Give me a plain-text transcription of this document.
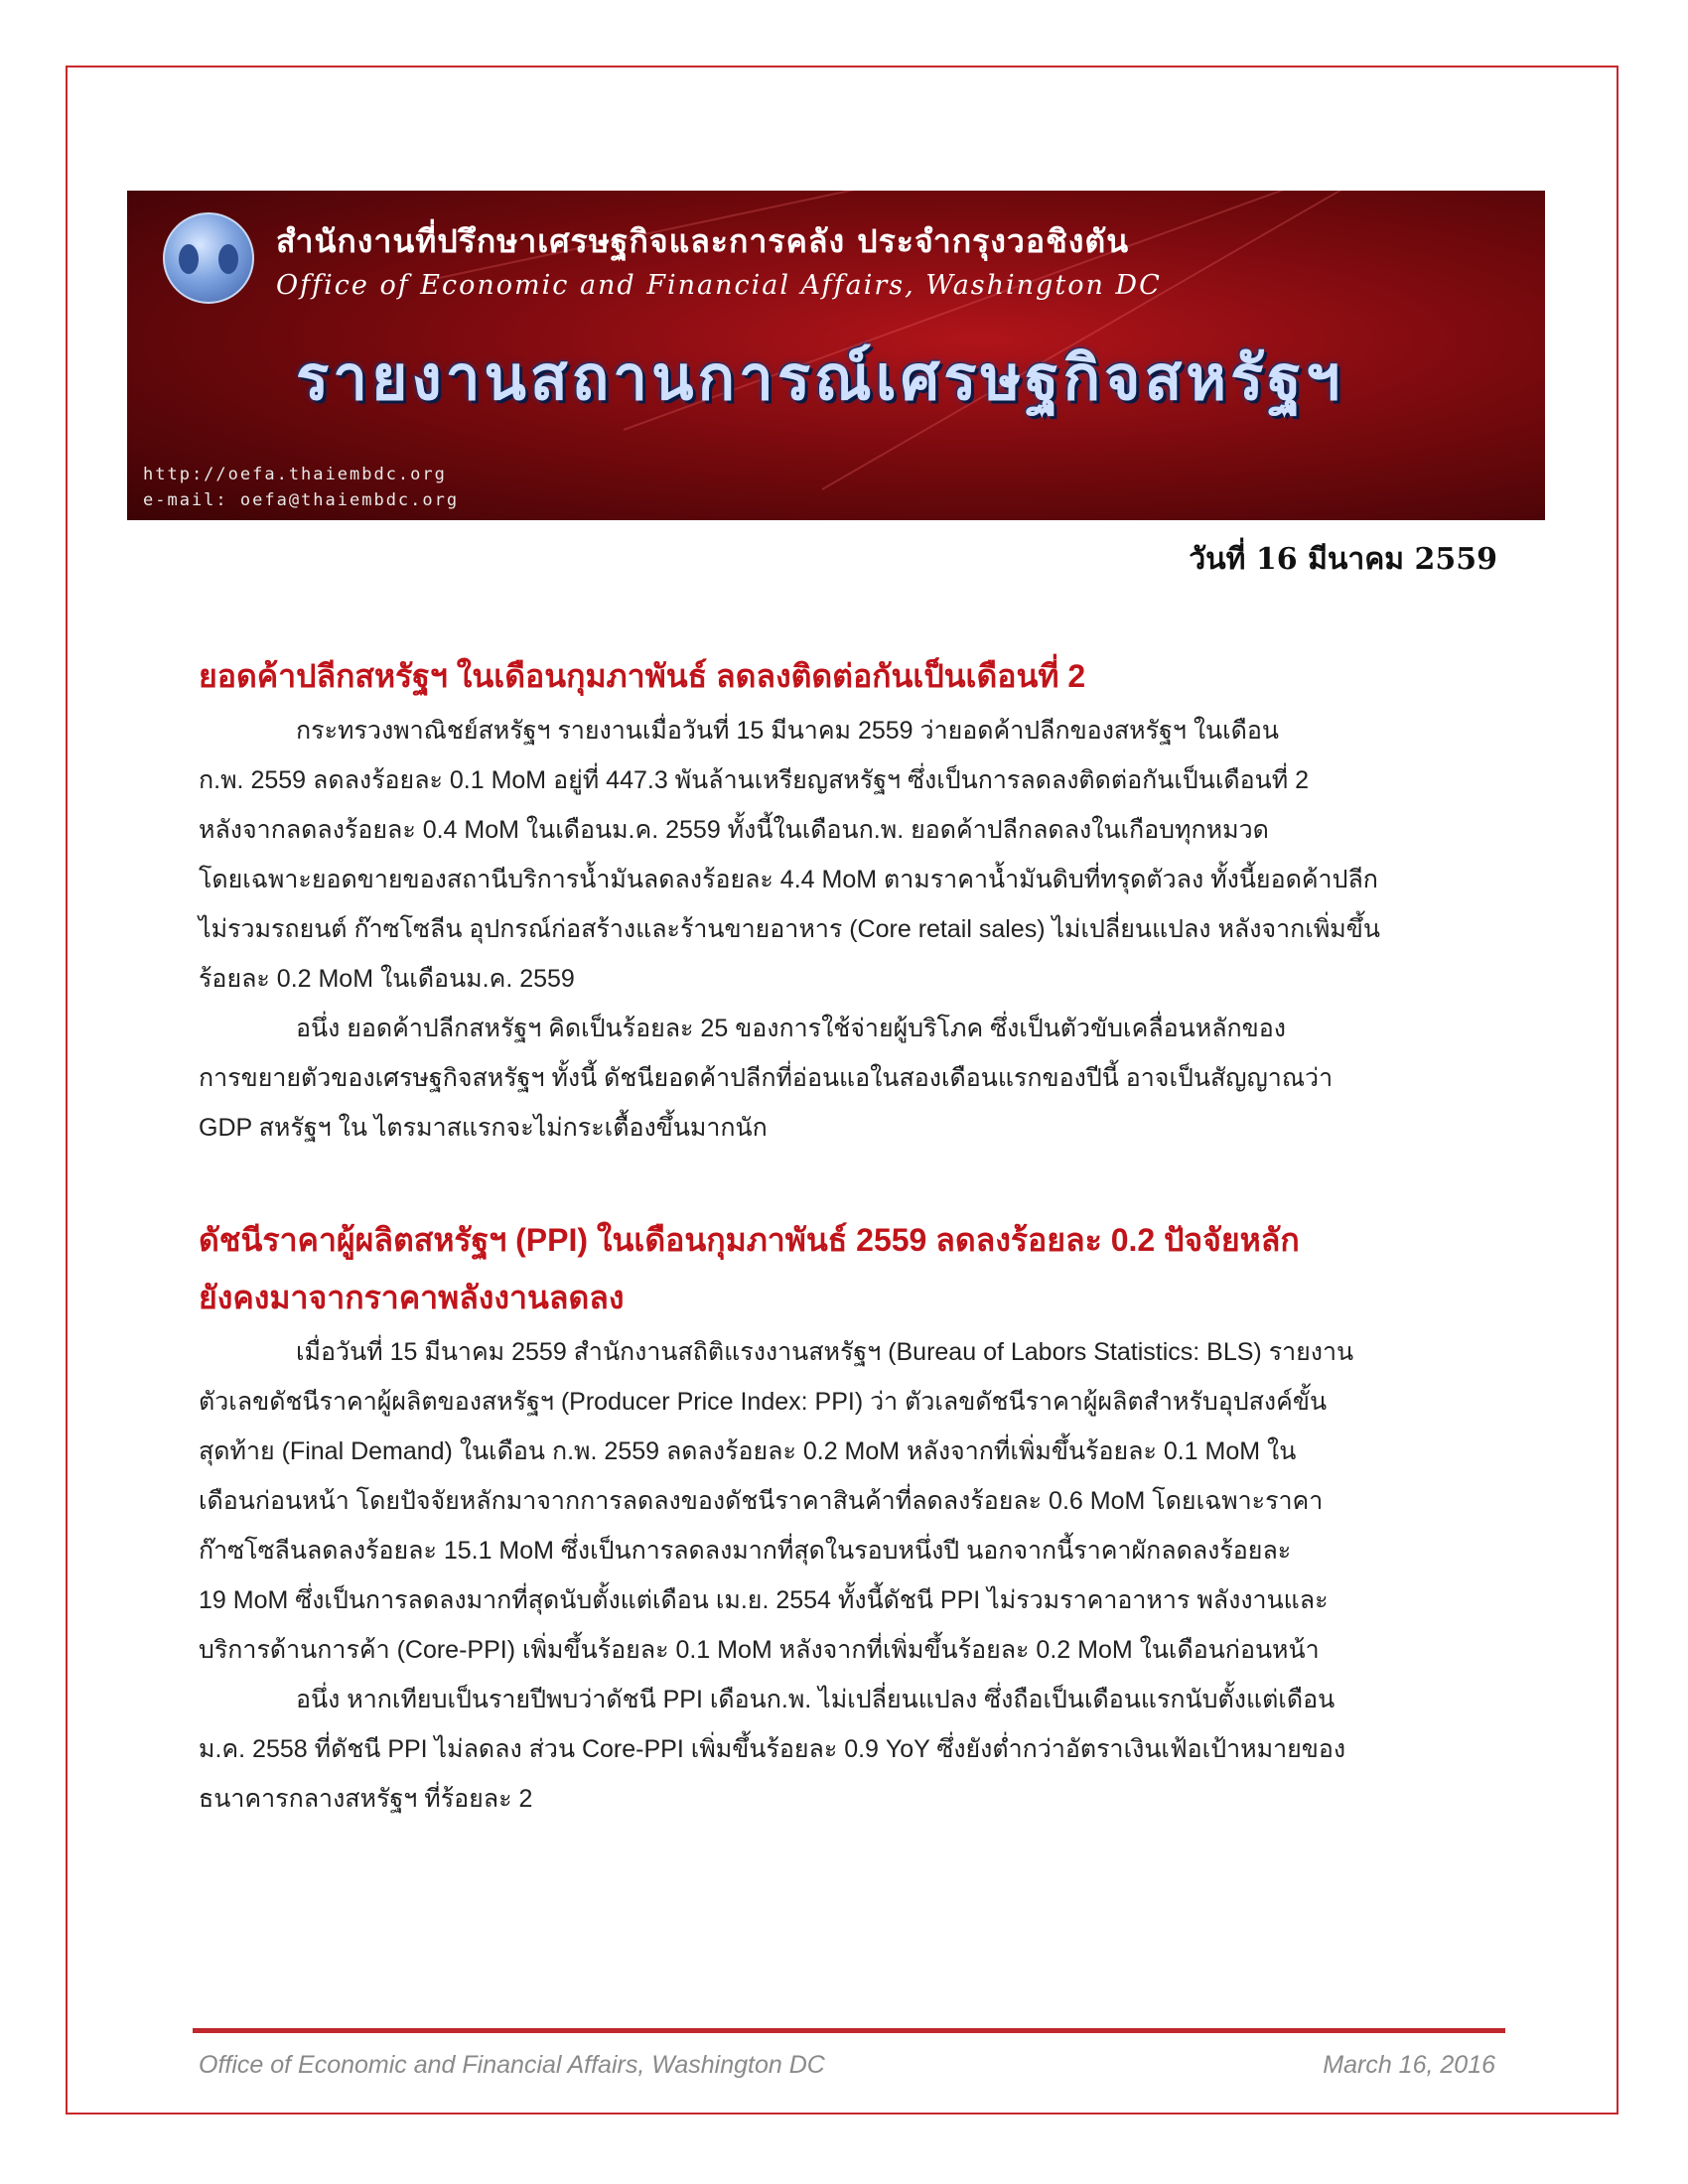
สำนักงานที่ปรึกษาเศรษฐกิจและการคลัง ประจำกรุงวอชิงตัน
Office of Economic and Financial Affairs, Washington DC
รายงานสถานการณ์เศรษฐกิจสหรัฐฯ
http://oefa.thaiembdc.org
e-mail: oefa@thaiembdc.org
วันที่ 16 มีนาคม 2559
ยอดค้าปลีกสหรัฐฯ ในเดือนกุมภาพันธ์ ลดลงติดต่อกันเป็นเดือนที่ 2

กระทรวงพาณิชย์สหรัฐฯ รายงานเมื่อวันที่ 15 มีนาคม 2559 ว่ายอดค้าปลีกของสหรัฐฯ ในเดือน

ก.พ. 2559 ลดลงร้อยละ 0.1 MoM อยู่ที่ 447.3 พันล้านเหรียญสหรัฐฯ ซึ่งเป็นการลดลงติดต่อกันเป็นเดือนที่ 2

หลังจากลดลงร้อยละ 0.4 MoM ในเดือนม.ค. 2559 ทั้งนี้ในเดือนก.พ. ยอดค้าปลีกลดลงในเกือบทุกหมวด

โดยเฉพาะยอดขายของสถานีบริการน้ำมันลดลงร้อยละ 4.4 MoM ตามราคาน้ำมันดิบที่ทรุดตัวลง ทั้งนี้ยอดค้าปลีก

ไม่รวมรถยนต์ ก๊าซโซลีน อุปกรณ์ก่อสร้างและร้านขายอาหาร (Core retail sales) ไม่เปลี่ยนแปลง หลังจากเพิ่มขึ้น

ร้อยละ 0.2 MoM ในเดือนม.ค. 2559

อนึ่ง ยอดค้าปลีกสหรัฐฯ คิดเป็นร้อยละ 25 ของการใช้จ่ายผู้บริโภค ซึ่งเป็นตัวขับเคลื่อนหลักของ

การขยายตัวของเศรษฐกิจสหรัฐฯ ทั้งนี้ ดัชนียอดค้าปลีกที่อ่อนแอในสองเดือนแรกของปีนี้ อาจเป็นสัญญาณว่า

GDP สหรัฐฯ ใน ไตรมาสแรกจะไม่กระเตื้องขึ้นมากนัก

ดัชนีราคาผู้ผลิตสหรัฐฯ (PPI) ในเดือนกุมภาพันธ์ 2559 ลดลงร้อยละ 0.2 ปัจจัยหลัก
ยังคงมาจากราคาพลังงานลดลง

เมื่อวันที่ 15 มีนาคม 2559 สำนักงานสถิติแรงงานสหรัฐฯ (Bureau of Labors Statistics: BLS) รายงาน

ตัวเลขดัชนีราคาผู้ผลิตของสหรัฐฯ (Producer Price Index: PPI) ว่า ตัวเลขดัชนีราคาผู้ผลิตสำหรับอุปสงค์ขั้น

สุดท้าย (Final Demand) ในเดือน ก.พ. 2559 ลดลงร้อยละ 0.2 MoM หลังจากที่เพิ่มขึ้นร้อยละ 0.1 MoM ใน

เดือนก่อนหน้า โดยปัจจัยหลักมาจากการลดลงของดัชนีราคาสินค้าที่ลดลงร้อยละ 0.6 MoM โดยเฉพาะราคา

ก๊าซโซลีนลดลงร้อยละ 15.1 MoM ซึ่งเป็นการลดลงมากที่สุดในรอบหนึ่งปี นอกจากนี้ราคาผักลดลงร้อยละ

19 MoM ซึ่งเป็นการลดลงมากที่สุดนับตั้งแต่เดือน เม.ย. 2554 ทั้งนี้ดัชนี PPI ไม่รวมราคาอาหาร พลังงานและ

บริการด้านการค้า (Core-PPI) เพิ่มขึ้นร้อยละ 0.1 MoM หลังจากที่เพิ่มขึ้นร้อยละ 0.2 MoM ในเดือนก่อนหน้า

อนึ่ง หากเทียบเป็นรายปีพบว่าดัชนี PPI เดือนก.พ. ไม่เปลี่ยนแปลง ซึ่งถือเป็นเดือนแรกนับตั้งแต่เดือน

ม.ค. 2558 ที่ดัชนี PPI ไม่ลดลง ส่วน Core-PPI เพิ่มขึ้นร้อยละ 0.9 YoY ซึ่งยังต่ำกว่าอัตราเงินเฟ้อเป้าหมายของ

ธนาคารกลางสหรัฐฯ ที่ร้อยละ 2

Office of Economic and Financial Affairs, Washington DC	March 16, 2016
